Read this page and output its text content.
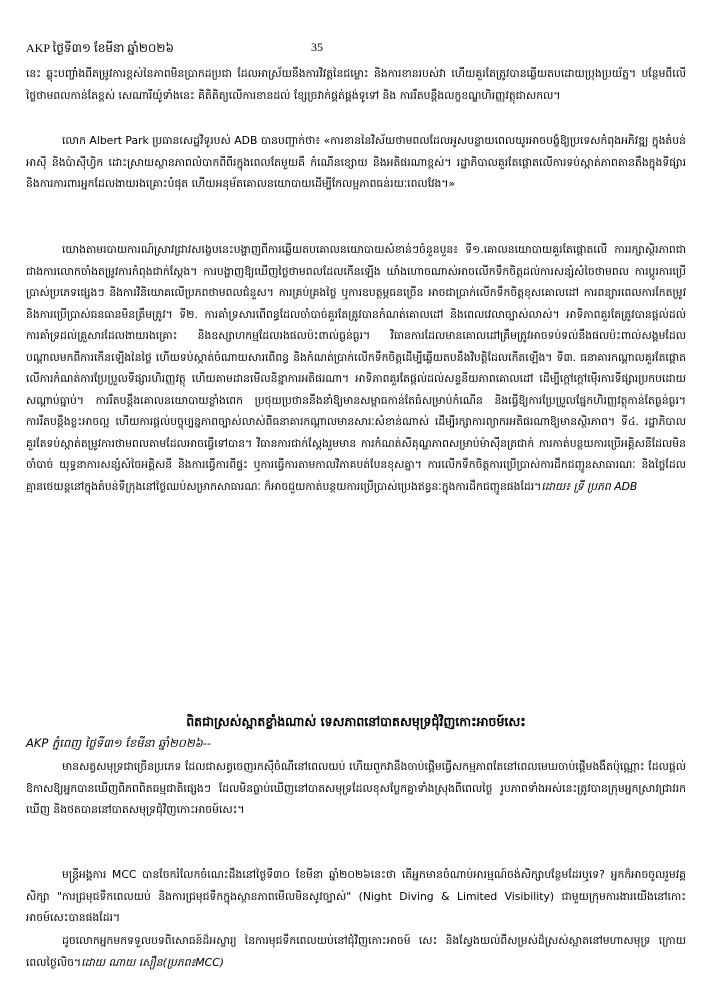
AKP ថ្ងៃទី៣១ ខែមីនា ឆ្នាំ២០២៦	35

នេះ ឆ្លុះបញ្ចាំងពីតម្រូវការខ្ពស់នៃភាពមិនប្រាកដប្រជា ដែលអាស្រ័យនឹងការវិវត្តនៃជម្លោះ និងការខានរបស់វា ហើយគួរតែត្រូវបានឆ្លើយតបដោយប្រុងប្រយ័ត្ន។ បន្ថែមពីលើថ្លៃថាមពលកាន់តែខ្ពស់ សេណារីយ៉ូទាំងនេះ គិតិតិត្យលើការខានដល់ ខ្សែច្រវាក់ផ្គត់ផ្គង់ទូទៅ និង ការរឹតបន្តឹងលក្ខខណ្ឌហិរញ្ញវត្ថុជាសកល។

លោក Albert Park ប្រធានសេដ្ឋវិទូរបស់ ADB បានបញ្ជាក់ថា៖ «ការខាននៃវិស័យថាមពលដែលអូសបន្លាយពេលយូរអាចបង្ខំឱ្យប្រទេសកំពុងអភិវឌ្ឍ ក្នុងតំបន់អាស៊ី និងប៉ាស៊ីហ្វិក ដោះស្រាយស្ថានភាពលំបាកពីពីរក្នុងពេលតែមួយគឺ កំណើនខ្សោយ និងអតិផរណាខ្ពស់។ រដ្ឋាភិបាលគួរតែផ្តោតលើការទប់ស្កាត់ភាពតានតឹងក្នុងទីផ្សារ និងការការពារអ្នកដែលងាយរងគ្រោះបំផុត ហើយអនុម័តគោលនយោបាយដើម្បីកែលម្អភាពធន់រយៈពេលវែង។»

យោងតាមរបាយការណ៍ស្រាវជ្រាវសង្ខេបនេះបង្ហាញពីការឆ្លើយតបគោលនយោបាយសំខាន់ៗចំនួនបួន៖ ទី១.គោលនយោបាយគួរតែផ្តោតលើ ការរក្សាស្ថិរភាពជាជាងការលោកចាំងតម្រូវការកំពុងជាក់ស្តែង។ ការបង្ហាញឱ្យឃើញថ្លៃថាមពលដែលកើនឡើង ឃាំងហោចណាស់អាចលើកទឹកចិត្តដល់ការសន្សំសំចៃថាមពល ការប្តូរការប្រើប្រាស់ប្រភេទផ្សេងៗ និងការវិនិយោគលើប្រភពថាមពលជំនួស។ ការគ្រប់គ្រងថ្លៃ ឬការឧបត្ថម្ភធនច្រើន អាចជាប្រាក់លើកទឹកចិត្តខុសគោលដៅ ការពន្យារពេលការកែតម្រូវ និងការប្រើប្រាស់ធនធានមិនត្រឹមត្រូវ។ ទី២. ការគាំទ្រសារពើពន្ធដែលចាំបាច់គួរតែត្រូវបានកំណត់គោលដៅ និងពេលវេលាច្បាស់លាស់។ អាទិភាពគួរតែត្រូវបានផ្តល់ដល់ការគាំទ្រដល់គ្រួសារដែលងាយរងគ្រោះ និងឧស្សាហកម្មដែលរងផលប៉ះពាល់ធ្ងន់ធ្ងរ។ វិធានការដែលមានគោលដៅត្រឹមត្រូវអាចទប់ទល់នឹងផលប៉ះពាល់សង្គមដែលបណ្តាលមកពីការកើនឡើងនៃថ្លៃ ហើយទប់ស្កាត់ចំណាយសារពើពន្ធ និងកំណត់ប្រាក់លើកទឹកចិត្តដើម្បីឆ្លើយតបនឹងវិបត្តិដែលកើតឡើង។ ទី៣. ធនាគារកណ្តាលគួរតែផ្តោត លើការកំណត់ការប្រែប្រួលទីផ្សារហិរញ្ញវត្ថុ ហើយតាមដានមើលនិន្នាការអតិផរណា។ អាទិភាពគួរតែផ្តល់ដល់សន្ទនីយភាពគោលដៅ ដើម្បីក្តៅក្តៅម៉ើរការទីផ្សារប្រកបដោយសណ្តាប់ធ្នាប់។ ការរឹតបន្តឹងគោលនយោបាយខ្លាំងពេក ប្រថុយប្រថាននឹងនាំឱ្យមានសម្ពាធកាន់តែធំសម្រាប់កំណើន និងធ្វើឱ្យការប្រែប្រួលផ្នែកហិរញ្ញវត្ថុកាន់តែធ្ងន់ធ្ងរ។ ការរឹតបន្តឹងខ្លះអាចល្អ ហើយការផ្តល់បច្ចុប្បន្នភាពច្បាស់លាស់ពីធនាគារកណ្តាលមានសារៈសំខាន់ណាស់ ដើម្បីរក្សាការព្យាករអតិផរណាឱ្យមានស្ថិរភាព។ ទី៤. រដ្ឋាភិបាលគួរតែទប់ស្កាត់តម្រូវការថាមពលតាមដែលអាចធ្វើទៅបាន។ វិធានការជាក់ស្តែងរួមមាន ការកំណត់សីតុណ្ហភាពសម្រាប់ម៉ាស៊ីនត្រជាក់ ការកាត់បន្ថយការប្រើអគ្គិសនីដែលមិនចាំបាច់ យុទ្ធនាការសន្សំសំចៃអគ្គិសនី និងការធ្វើការពីផ្ទះ ឬការធ្វើការតាមកាលវិភាគបត់បែនខុសគ្នា។ ការលើកទឹកចិត្តការប្រើប្រាស់ការដឹកជញ្ជូនសាធារណៈ និងថ្លៃដែលគ្មានថេយន្តនៅក្នុងតំបន់ទីក្រុងនៅថ្ងៃឈប់សម្រាកសាធារណៈ ក៏អាចជួយកាត់បន្ថយការប្រើប្រាស់ប្រេងឥន្ធនៈក្នុងការដឹកជញ្ជូនផងដែរ។ដោយ៖ ទ្រី ប្រភព ADB

ពិតជាស្រស់ស្អាតខ្លាំងណាស់ ទេសភាពនៅបាតសមុទ្រជុំវិញកោះអាចម៍សេះ
AKP ភ្នំពេញ ថ្ងៃទី៣១ ខែមីនា ឆ្នាំ២០២៦--

មានសត្វសមុទ្រជាច្រើនប្រភេទ ដែលជាសត្វចេញរកស៊ីចំណីនៅពេលយប់ ហើយពួកវានឹងចាប់ផ្តើមធ្វើសកម្មភាពតែនៅពេលមេឃចាប់ផ្តើមងងឹតប៉ុណ្ណោះ ដែលផ្តល់ឱកាសឱ្យអ្នកបានឃើញពិភពពិតធម្មជាតិផ្សេងៗ ដែលមិនធ្លាប់ឃើញនៅបាតសមុទ្រដែលខុសប្លែកគ្នាទាំងស្រុងពីពេលថ្ងៃ រូបភាពទាំងអស់នេះត្រូវបានក្រុមអ្នកស្រាវជ្រាវរកឃើញ និងថតបាននៅបាតសមុទ្រជុំវិញកោះអាចម៍សេះ។

មន្ត្រីអង្គការ MCC បានចែករំលែកចំណេះដឹងនៅថ្ងៃទី៣០ ខែមីនា ឆ្នាំ២០២៦នេះថា តើអ្នកមានចំណាប់អារម្មណ៍ចង់សិក្សាបន្ថែមដែរឬទេ? អ្នកក៏អាចចូលរួមវគ្គសិក្សា "ការជ្រមុជទឹកពេលយប់ និងការជ្រមុជទឹកក្នុងស្ថានភាពមើលមិនសូវច្បាស់" (Night Diving & Limited Visibility) ជាមួយក្រុមការងារយើងនៅកោះអាចម៍សេះបានផងដែរ។

ដូចលោកអ្នកមកទទួលបទពិសោធន៍ដ៏អស្ចារ្យ នៃការមុជទឹកពេលយប់នៅជុំវិញកោះអាចម៍ សេះ និងស្វែងយល់ពីសម្រស់ដ៏ស្រស់ស្អាតនៅមហាសមុទ្រ ក្រោយពេលថ្ងៃលិច។ដោយ ណាយ សឿន(ប្រភព៖MCC)
